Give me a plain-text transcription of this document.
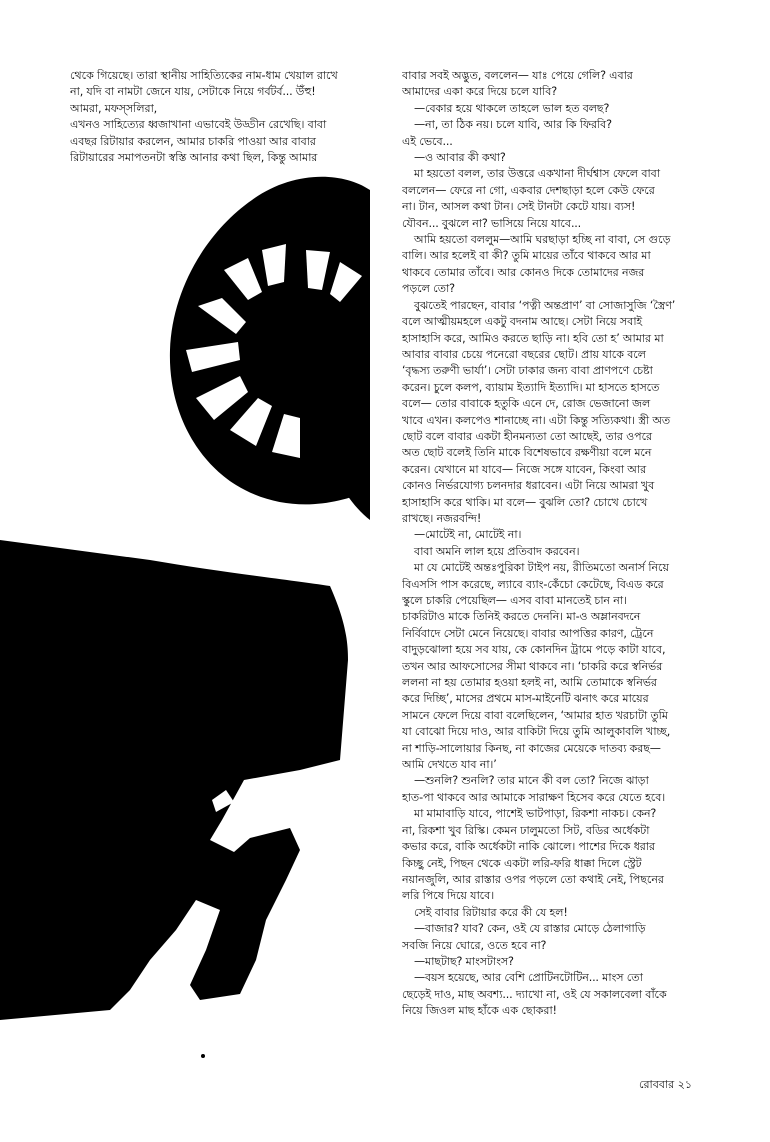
থেকে গিয়েছে। তারা স্থানীয় সাহিত্যিকের নাম-ধাম খেয়াল রাখে

না, যদি বা নামটা জেনে যায়, সেটাকে নিয়ে গর্বটর্ব... উঁহু!

আমরা, মফস্সলিরা,

এখনও সাহিত্যের ধ্বজাখানা এভাবেই উড্ডীন রেখেছি। বাবা

এবছর রিটায়ার করলেন, আমার চাকরি পাওয়া আর বাবার

রিটায়ারের সমাপতনটা স্বস্তি আনার কথা ছিল, কিন্তু আমার

বাবার সবই অদ্ভুত, বললেন— যাঃ পেয়ে গেলি? এবার

আমাদের একা করে দিয়ে চলে যাবি?

—বেকার হয়ে থাকলে তাহলে ভাল হত বলছ?

—না, তা ঠিক নয়। চলে যাবি, আর কি ফিরবি?

এই ভেবে...

—ও আবার কী কথা?

মা হয়তো বলল, তার উত্তরে একখানা দীর্ঘশ্বাস ফেলে বাবা

বললেন— ফেরে না গো, একবার দেশছাড়া হলে কেউ ফেরে

না। টান, আসল কথা টান। সেই টানটা কেটে যায়। ব্যস!

যৌবন... বুঝলে না? ভাসিয়ে নিয়ে যাবে...

আমি হয়তো বললুম—আমি ঘরছাড়া হচ্ছি না বাবা, সে গুড়ে

বালি। আর হলেই বা কী? তুমি মায়ের তাঁবে থাকবে আর মা

থাকবে তোমার তাঁবে। আর কোনও দিকে তোমাদের নজর

পড়লে তো?

বুঝতেই পারছেন, বাবার ‘পত্নী অন্তপ্রাণ’ বা সোজাসুজি ‘স্ত্রৈণ’

বলে আত্মীয়মহলে একটু বদনাম আছে। সেটা নিয়ে সবাই

হাসাহাসি করে, আমিও করতে ছাড়ি না। হবি তো হ’ আমার মা

আবার বাবার চেয়ে পনেরো বছরের ছোট। প্রায় যাকে বলে

‘বৃদ্ধস্য তরুণী ভার্যা’। সেটা ঢাকার জন্য বাবা প্রাণপণে চেষ্টা

করেন। চুলে কলপ, ব্যায়াম ইত্যাদি ইত্যাদি। মা হাসতে হাসতে

বলে— তোর বাবাকে হতুকি এনে দে, রোজ ভেজানো জল

খাবে এখন। কলপেও শানাচ্ছে না। এটা কিন্তু সত্যিকথা। স্ত্রী অত

ছোট বলে বাবার একটা হীনমন্যতা তো আছেই, তার ওপরে

অত ছোট বলেই তিনি মাকে বিশেষভাবে রক্ষণীয়া বলে মনে

করেন। যেখানে মা যাবে— নিজে সঙ্গে যাবেন, কিংবা আর

কোনও নির্ভরযোগ্য চলনদার ধরাবেন। এটা নিয়ে আমরা খুব

হাসাহাসি করে থাকি। মা বলে— বুঝলি তো? চোখে চোখে

রাখছে। নজরবন্দি!

—মোটেই না, মোটেই না।

বাবা অমনি লাল হয়ে প্রতিবাদ করবেন।

মা যে মোটেই অন্তঃপুরিকা টাইপ নয়, রীতিমতো অনার্স নিয়ে

বিএসসি পাস করেছে, ল্যাবে ব্যাং-কেঁচো কেটেছে, বিএড করে

স্কুলে চাকরি পেয়েছিল— এসব বাবা মানতেই চান না।

চাকরিটাও মাকে তিনিই করতে দেননি। মা-ও অম্লানবদনে

নির্বিবাদে সেটা মেনে নিয়েছে। বাবার আপত্তির কারণ, ট্রেনে

বাদুড়ঝোলা হয়ে সব যায়, কে কোনদিন ট্রামে পড়ে কাটা যাবে,

তখন আর আফসোসের সীমা থাকবে না। ‘চাকরি করে স্বনির্ভর

ললনা না হয় তোমার হওয়া হলই না, আমি তোমাকে স্বনির্ভর

করে দিচ্ছি’, মাসের প্রথমে মাস-মাইনেটি ঝনাৎ করে মায়ের

সামনে ফেলে দিয়ে বাবা বলেছিলেন, ‘আমার হাত খরচাটা তুমি

যা বোঝো দিয়ে দাও, আর বাকিটা দিয়ে তুমি আলুকাবলি খাচ্ছ,

না শাড়ি-সালোয়ার কিনছ, না কাজের মেয়েকে দাতব্য করছ—

আমি দেখতে যাব না।’

—শুনলি? শুনলি? তার মানে কী বল তো? নিজে ঝাড়া

হাত-পা থাকবে আর আমাকে সারাক্ষণ হিসেব করে যেতে হবে।

মা মামাবাড়ি যাবে, পাশেই ভাটপাড়া, রিকশা নাকচ। কেন?

না, রিকশা খুব রিস্কি। কেমন ঢালুমতো সিট, বডির অর্ধেকটা

কভার করে, বাকি অর্ধেকটা নাকি ঝোলে। পাশের দিকে ধরার

কিচ্ছু নেই, পিছন থেকে একটা লরি-ফরি ধাক্কা দিলে স্ট্রেট

নয়ানজুলি, আর রাস্তার ওপর পড়লে তো কথাই নেই, পিছনের

লরি পিষে দিয়ে যাবে।

সেই বাবার রিটায়ার করে কী যে হল!

—বাজার? যাব? কেন, ওই যে রাস্তার মোড়ে ঠেলাগাড়ি

সবজি নিয়ে ঘোরে, ওতে হবে না?

—মাছটাছ? মাংসটাংস?

—বয়স হয়েছে, আর বেশি প্রোটিনটোটিন... মাংস তো

ছেড়েই দাও, মাছ অবশ্য... দ্যাখো না, ওই যে সকালবেলা বাঁকে

নিয়ে জিওল মাছ হাঁকে এক ছোকরা!

রোববার ২১
